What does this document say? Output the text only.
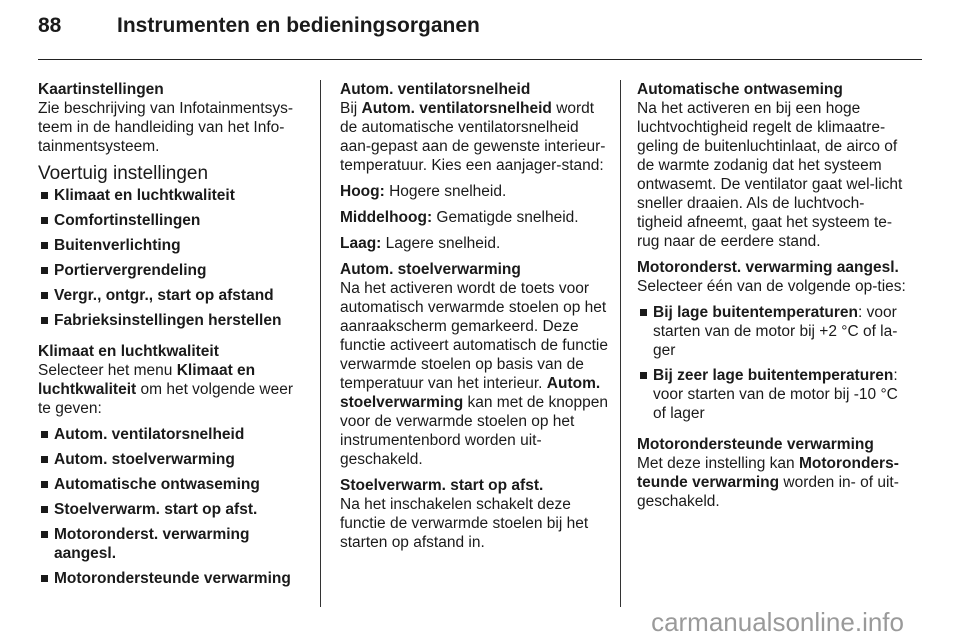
88	Instrumenten en bedieningsorganen
Kaartinstellingen
Zie beschrijving van Infotainmentsys-teem in de handleiding van het Info-tainmentsysteem.
Voertuig instellingen
Klimaat en luchtkwaliteit
Comfortinstellingen
Buitenverlichting
Portiervergrendeling
Vergr., ontgr., start op afstand
Fabrieksinstellingen herstellen
Klimaat en luchtkwaliteit
Selecteer het menu Klimaat en luchtkwaliteit om het volgende weer te geven:
Autom. ventilatorsnelheid
Autom. stoelverwarming
Automatische ontwaseming
Stoelverwarm. start op afst.
Motoronderst. verwarming aangesl.
Motorondersteunde verwarming
Autom. ventilatorsnelheid
Bij Autom. ventilatorsnelheid wordt de automatische ventilatorsnelheid aan-gepast aan de gewenste interieur-temperatuur. Kies een aanjager-stand:
Hoog: Hogere snelheid.
Middelhoog: Gematigde snelheid.
Laag: Lagere snelheid.
Autom. stoelverwarming
Na het activeren wordt de toets voor automatisch verwarmde stoelen op het aanraakscherm gemarkeerd. Deze functie activeert automatisch de functie verwarmde stoelen op basis van de temperatuur van het interieur. Autom. stoelverwarming kan met de knoppen voor de verwarmde stoelen op het instrumentenbord worden uit-geschakeld.
Stoelverwarm. start op afst.
Na het inschakelen schakelt deze functie de verwarmde stoelen bij het starten op afstand in.
Automatische ontwaseming
Na het activeren en bij een hoge luchtvochtigheid regelt de klimaatre-geling de buitenluchtinlaat, de airco of de warmte zodanig dat het systeem ontwasemt. De ventilator gaat wel-licht sneller draaien. Als de luchtvoch-tigheid afneemt, gaat het systeem te-rug naar de eerdere stand.
Motoronderst. verwarming aangesl.
Selecteer één van de volgende op-ties:
Bij lage buitentemperaturen: voor starten van de motor bij +2 °C of la-ger
Bij zeer lage buitentemperaturen: voor starten van de motor bij -10 °C of lager
Motorondersteunde verwarming
Met deze instelling kan Motoronders-teunde verwarming worden in- of uit-geschakeld.
carmanualsonline.info
